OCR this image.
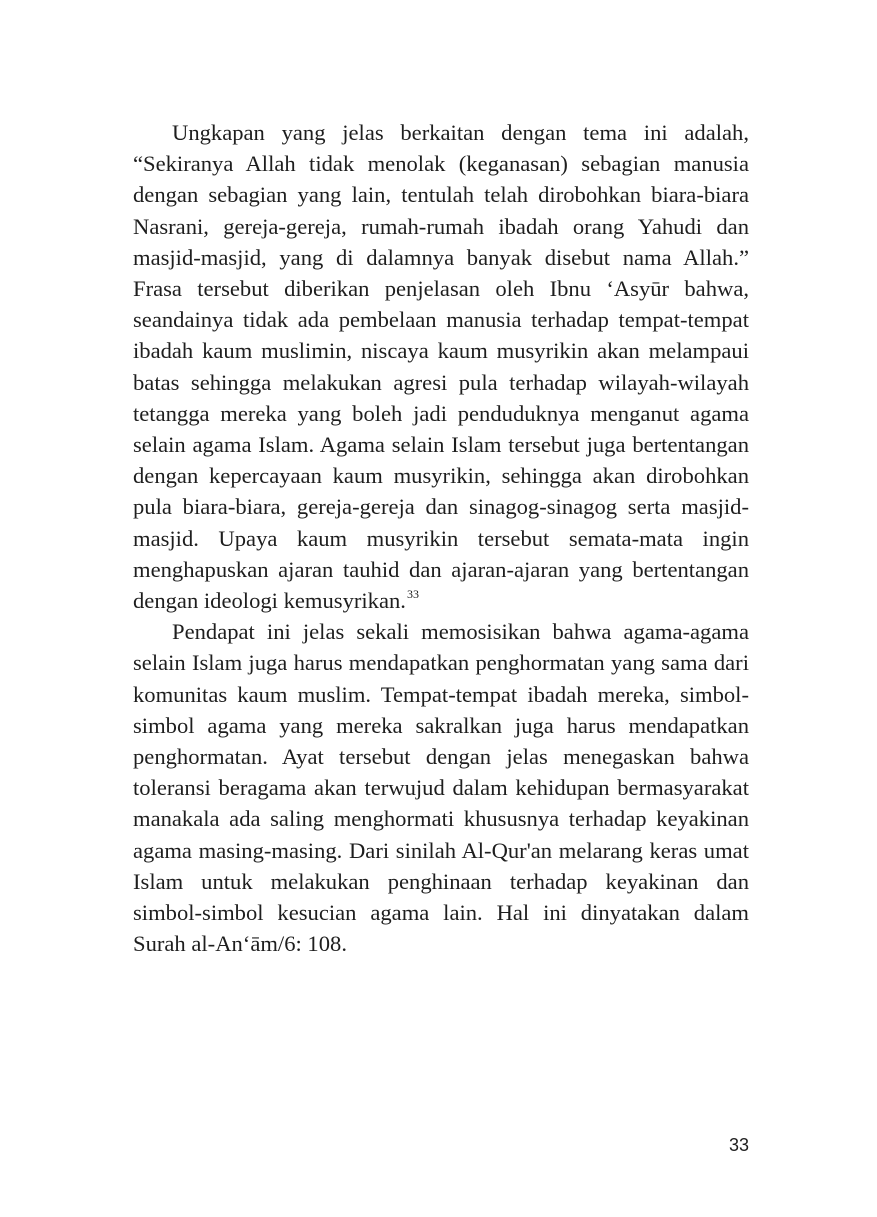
Ungkapan yang jelas berkaitan dengan tema ini adalah, “Sekiranya Allah tidak menolak (keganasan) sebagian manusia dengan sebagian yang lain, tentulah telah dirobohkan biara-biara Nasrani, gereja-gereja, rumah-rumah ibadah orang Yahudi dan masjid-masjid, yang di dalamnya banyak disebut nama Allah.” Frasa tersebut diberikan penjelasan oleh Ibnu ‘Asyūr bahwa, seandainya tidak ada pembelaan manusia terhadap tempat-tempat ibadah kaum muslimin, niscaya kaum musyrikin akan melampaui batas sehingga melakukan agresi pula terhadap wilayah-wilayah tetangga mereka yang boleh jadi penduduknya menganut agama selain agama Islam. Agama selain Islam tersebut juga bertentangan dengan kepercayaan kaum musyrikin, sehingga akan dirobohkan pula biara-biara, gereja-gereja dan sinagog-sinagog serta masjid-masjid. Upaya kaum musyrikin tersebut semata-mata ingin menghapuskan ajaran tauhid dan ajaran-ajaran yang bertentangan dengan ideologi kemusyrikan.$^{33}$

Pendapat ini jelas sekali memosisikan bahwa agama-agama selain Islam juga harus mendapatkan penghormatan yang sama dari komunitas kaum muslim. Tempat-tempat ibadah mereka, simbol-simbol agama yang mereka sakralkan juga harus mendapatkan penghormatan. Ayat tersebut dengan jelas menegaskan bahwa toleransi beragama akan terwujud dalam kehidupan bermasyarakat manakala ada saling menghormati khususnya terhadap keyakinan agama masing-masing. Dari sinilah Al-Qur'an melarang keras umat Islam untuk melakukan penghinaan terhadap keyakinan dan simbol-simbol kesucian agama lain. Hal ini dinyatakan dalam Surah al-An‘ām/6: 108.

33
